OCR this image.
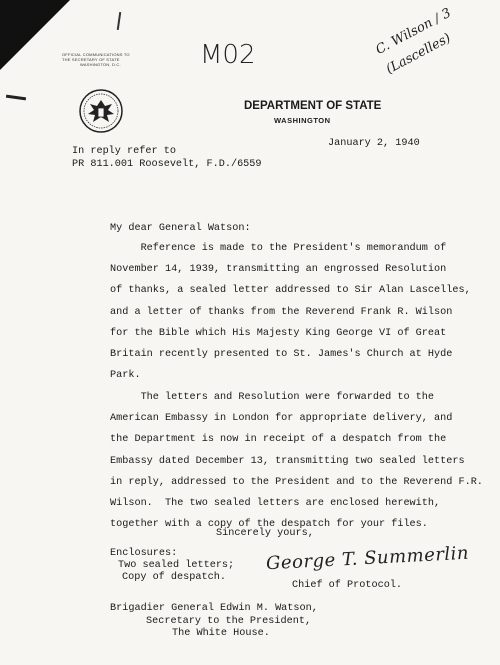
OFFICIAL COMMUNICATIONS TO
THE SECRETARY OF STATE
WASHINGTON, D.C.	M02	C. Wilson / 3 (Lascelles)
DEPARTMENT OF STATE
WASHINGTON
January 2, 1940
In reply refer to
PR 811.001 Roosevelt, F.D./6559
My dear General Watson:
Reference is made to the President's memorandum of
November 14, 1939, transmitting an engrossed Resolution
of thanks, a sealed letter addressed to Sir Alan Lascelles,
and a letter of thanks from the Reverend Frank R. Wilson
for the Bible which His Majesty King George VI of Great
Britain recently presented to St. James's Church at Hyde
Park.
The letters and Resolution were forwarded to the
American Embassy in London for appropriate delivery, and
the Department is now in receipt of a despatch from the
Embassy dated December 13, transmitting two sealed letters
in reply, addressed to the President and to the Reverend F.R.
Wilson.  The two sealed letters are enclosed herewith,
together with a copy of the despatch for your files.
Sincerely yours,
George T. Summerlin
Chief of Protocol.
Enclosures:
Two sealed letters;
Copy of despatch.
Brigadier General Edwin M. Watson,
Secretary to the President,
The White House.
